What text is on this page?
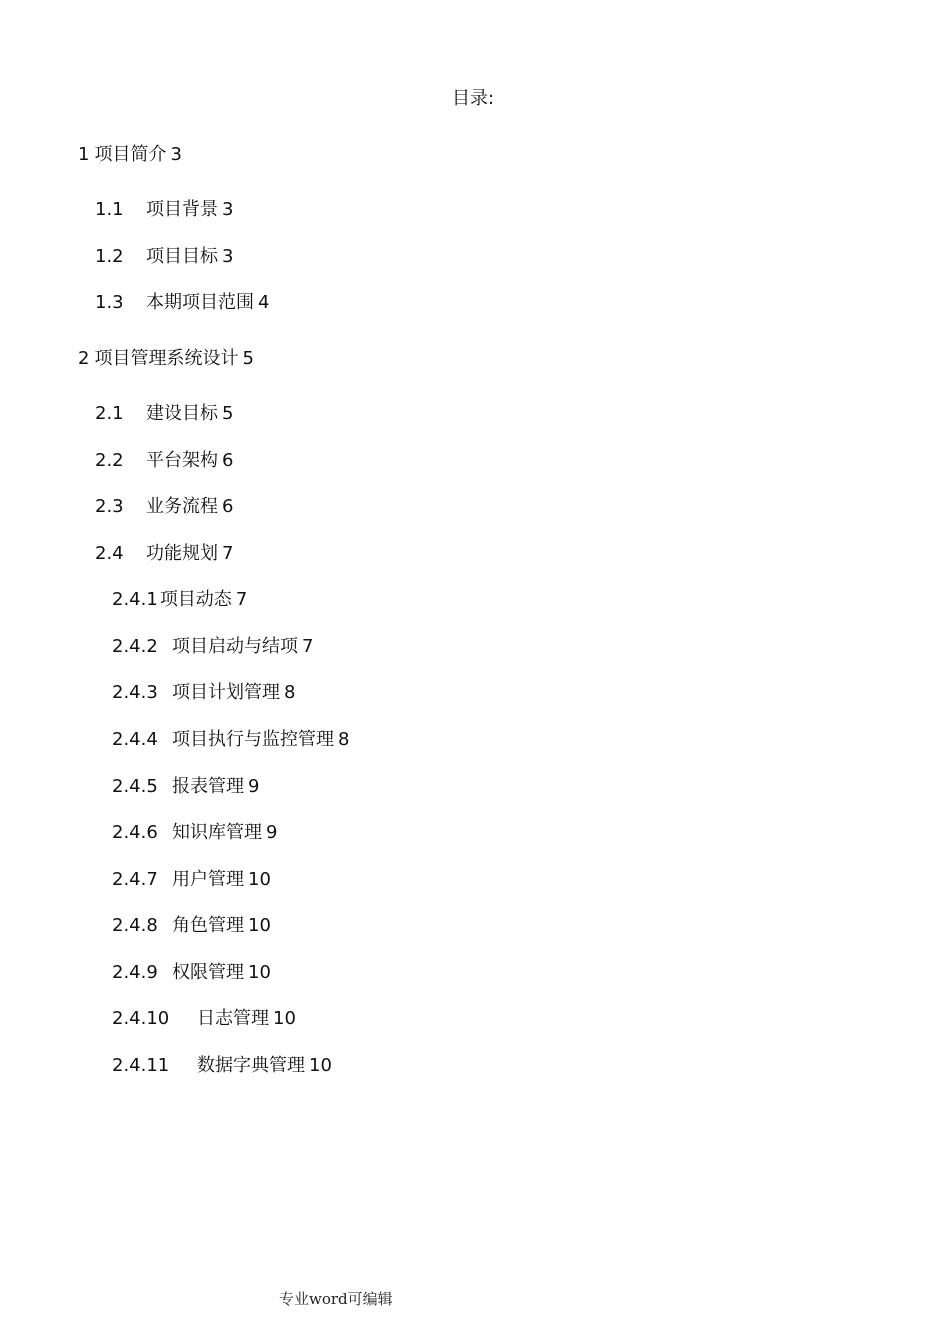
目录:
1 项目简介 3
1.1 项目背景 3
1.2 项目目标 3
1.3 本期项目范围 4
2 项目管理系统设计 5
2.1 建设目标 5
2.2 平台架构 6
2.3 业务流程 6
2.4 功能规划 7
2.4.1 项目动态 7
2.4.2 项目启动与结项 7
2.4.3 项目计划管理 8
2.4.4 项目执行与监控管理 8
2.4.5 报表管理 9
2.4.6 知识库管理 9
2.4.7 用户管理 10
2.4.8 角色管理 10
2.4.9 权限管理 10
2.4.10 日志管理 10
2.4.11 数据字典管理 10
专业word可编辑
